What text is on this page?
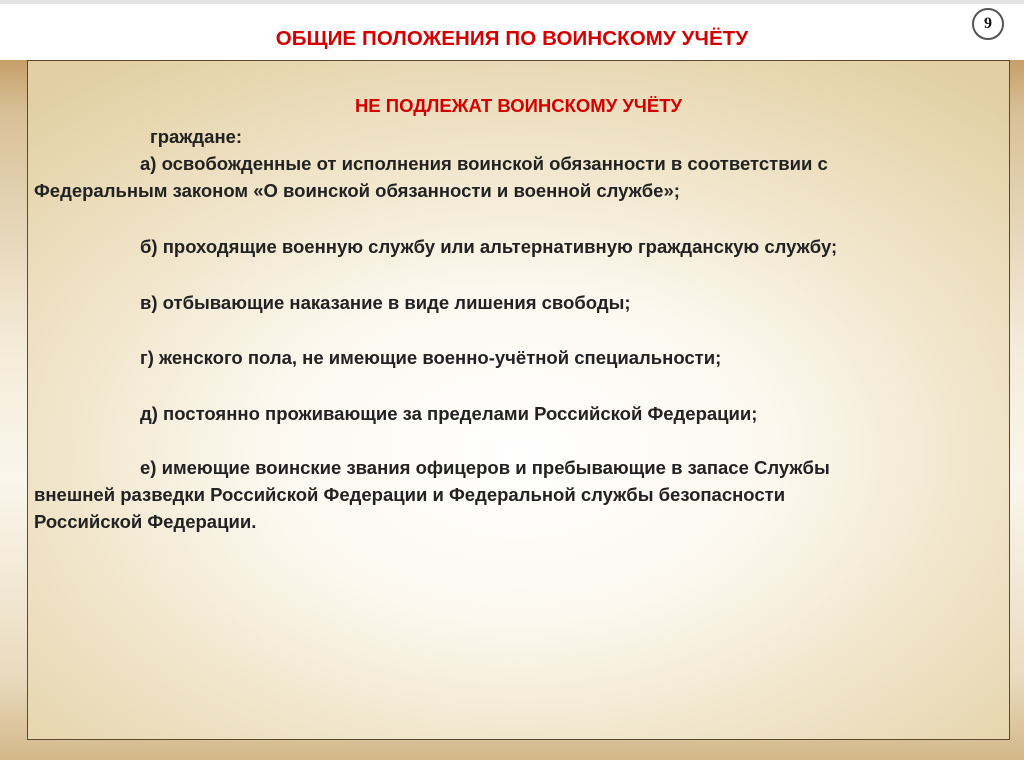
ОБЩИЕ ПОЛОЖЕНИЯ ПО ВОИНСКОМУ УЧЁТУ
9
НЕ ПОДЛЕЖАТ ВОИНСКОМУ УЧЁТУ
граждане:
а) освобожденные от исполнения воинской обязанности в соответствии с
Федеральным законом «О воинской обязанности и военной службе»;
б) проходящие военную службу или альтернативную гражданскую службу;
в) отбывающие наказание в виде лишения свободы;
г) женского пола, не имеющие военно-учётной специальности;
д) постоянно проживающие за пределами Российской Федерации;
е) имеющие воинские звания офицеров и пребывающие в запасе Службы
внешней разведки Российской Федерации и Федеральной службы безопасности
Российской Федерации.
